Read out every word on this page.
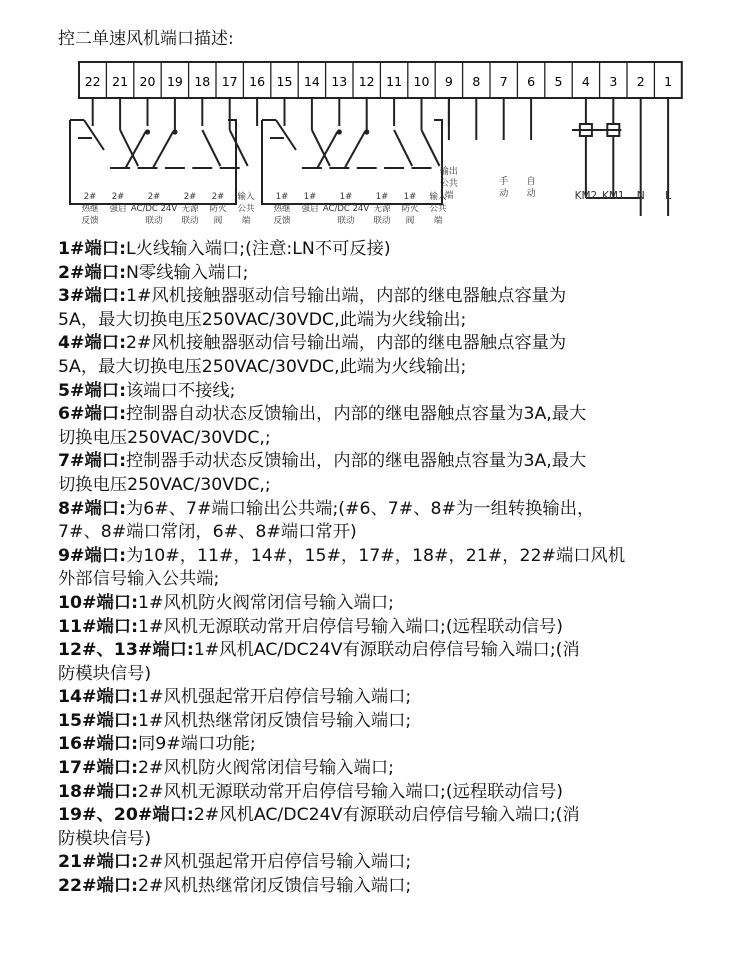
控二单速风机端口描述:
22 21 20 19 18 17 16 15 14 13 12 11 10 9 8 7 6 5 4 3 2 1
输出
公共
端
手
动
自
动	KM2 KM1 N L
2#
热继
反馈
2#
强启
2#
AC/DC 24V
联动
2#
无源
联动
2#
防火
阀
输入
公共
端
1#
热继
反馈
1#
强启
1#
AC/DC 24V
联动
1#
无源
联动
1#
防火
阀
输入
公共
端

1#端口:L火线输入端口;(注意:LN不可反接)

2#端口:N零线输入端口;

3#端口:1#风机接触器驱动信号输出端，内部的继电器触点容量为

5A，最大切换电压250VAC/30VDC,此端为火线输出;

4#端口:2#风机接触器驱动信号输出端，内部的继电器触点容量为

5A，最大切换电压250VAC/30VDC,此端为火线输出;

5#端口:该端口不接线;

6#端口:控制器自动状态反馈输出，内部的继电器触点容量为3A,最大

切换电压250VAC/30VDC,;

7#端口:控制器手动状态反馈输出，内部的继电器触点容量为3A,最大

切换电压250VAC/30VDC,;

8#端口:为6#、7#端口输出公共端;(#6、7#、8#为一组转换输出，

7#、8#端口常闭，6#、8#端口常开)

9#端口:为10#，11#，14#，15#，17#，18#，21#，22#端口风机

外部信号输入公共端;

10#端口:1#风机防火阀常闭信号输入端口;

11#端口:1#风机无源联动常开启停信号输入端口;(远程联动信号)

12#、13#端口:1#风机AC/DC24V有源联动启停信号输入端口;(消

防模块信号)

14#端口:1#风机强起常开启停信号输入端口;

15#端口:1#风机热继常闭反馈信号输入端口;

16#端口:同9#端口功能;

17#端口:2#风机防火阀常闭信号输入端口;

18#端口:2#风机无源联动常开启停信号输入端口;(远程联动信号)

19#、20#端口:2#风机AC/DC24V有源联动启停信号输入端口;(消

防模块信号)

21#端口:2#风机强起常开启停信号输入端口;

22#端口:2#风机热继常闭反馈信号输入端口;
